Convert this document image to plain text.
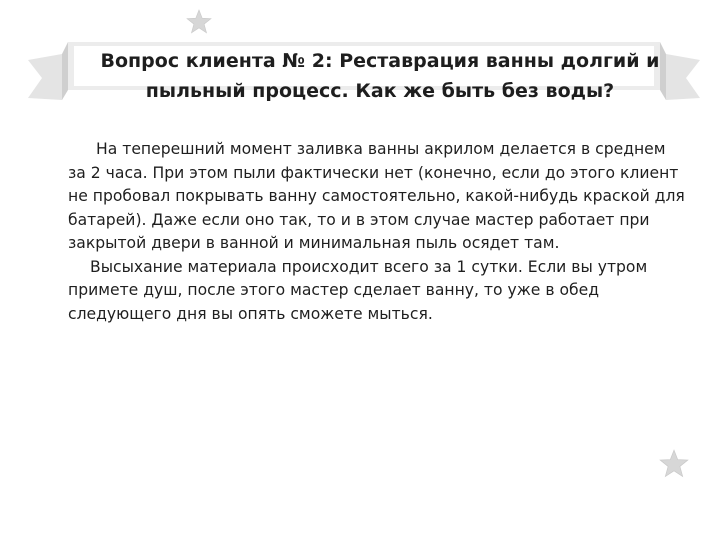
Вопрос клиента № 2: Реставрация ванны долгий и пыльный процесс. Как же быть без воды?

На теперешний момент заливка ванны акрилом делается в среднем за 2 часа. При этом пыли фактически нет (конечно, если до этого клиент не пробовал покрывать ванну самостоятельно, какой-нибудь краской для батарей). Даже если оно так, то и в этом случае мастер работает при закрытой двери в ванной и минимальная пыль осядет там.

Высыхание материала происходит всего за 1 сутки. Если вы утром примете душ, после этого мастер сделает ванну, то уже в обед следующего дня вы опять сможете мыться.
